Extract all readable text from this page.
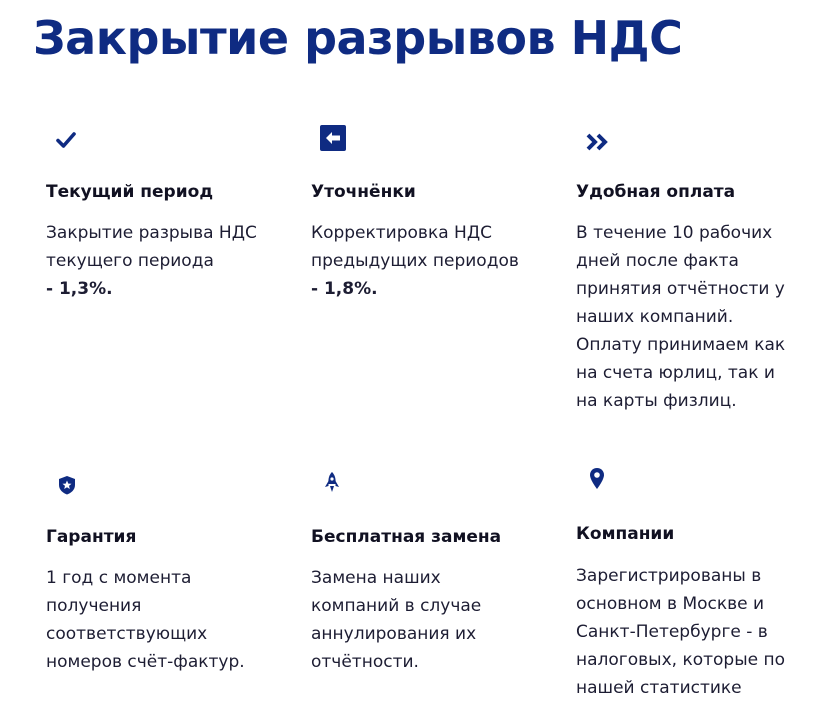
Закрытие разрывов НДС
Текущий период
Закрытие разрыва НДС
текущего периода
- 1,3%.
Уточнёнки
Корректировка НДС
предыдущих периодов
- 1,8%.
Удобная оплата
В течение 10 рабочих
дней после факта
принятия отчётности у
наших компаний.
Оплату принимаем как
на счета юрлиц, так и
на карты физлиц.
Гарантия
1 год с момента
получения
соответствующих
номеров счёт-фактур.
Бесплатная замена
Замена наших
компаний в случае
аннулирования их
отчётности.
Компании
Зарегистрированы в
основном в Москве и
Санкт-Петербурге - в
налоговых, которые по
нашей статистике
